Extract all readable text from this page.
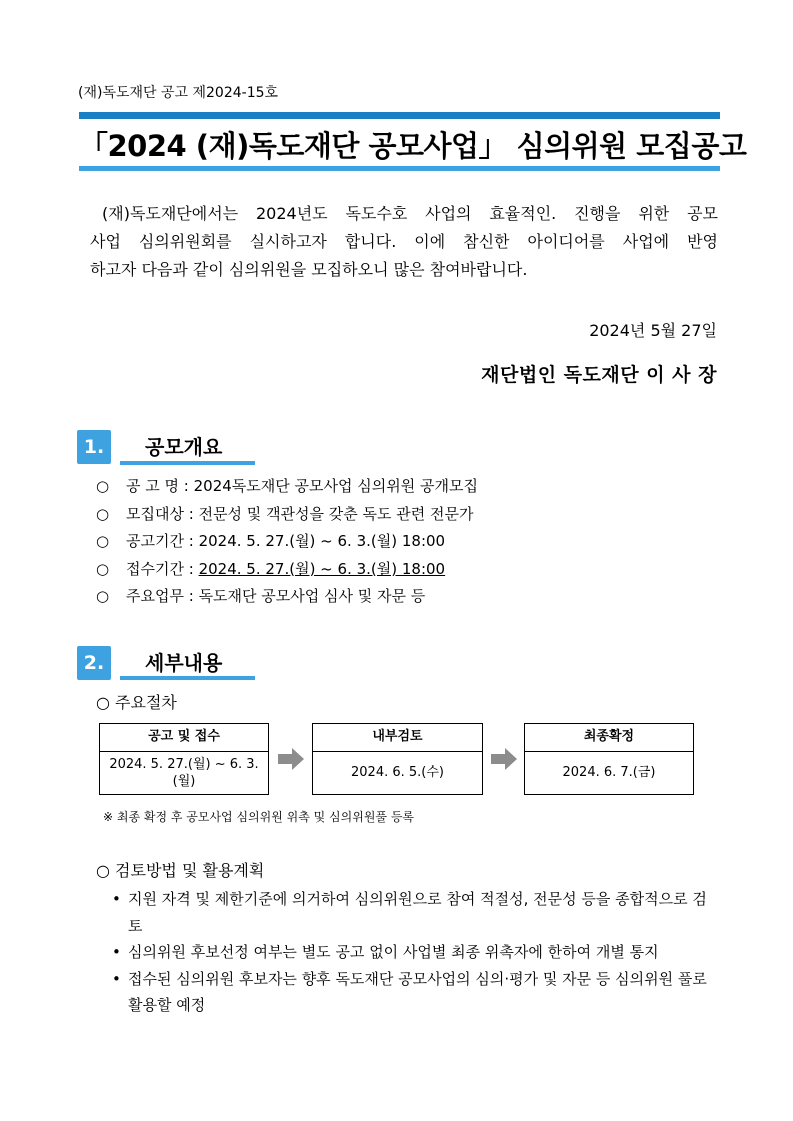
(재)독도재단 공고 제2024-15호
「2024 (재)독도재단 공모사업」 심의위원 모집공고
(재)독도재단에서는 2024년도 독도수호 사업의 효율적인. 진행을 위한 공모
사업 심의위원회를 실시하고자 합니다. 이에 참신한 아이디어를 사업에 반영
하고자 다음과 같이 심의위원을 모집하오니 많은 참여바랍니다.
2024년 5월 27일
재단법인 독도재단 이 사 장
1.	공모개요
○ 공 고 명 : 2024독도재단 공모사업 심의위원 공개모집
○ 모집대상 : 전문성 및 객관성을 갖춘 독도 관련 전문가
○ 공고기간 : 2024. 5. 27.(월) ~ 6. 3.(월) 18:00
○ 접수기간 : 2024. 5. 27.(월) ~ 6. 3.(월) 18:00
○ 주요업무 : 독도재단 공모사업 심사 및 자문 등
2.	세부내용
○ 주요절차
공고 및 접수
2024. 5. 27.(월) ~ 6. 3.(월)
내부검토
2024. 6. 5.(수)
최종확정
2024. 6. 7.(금)
※ 최종 확정 후 공모사업 심의위원 위촉 및 심의위원풀 등록
○ 검토방법 및 활용계획
• 지원 자격 및 제한기준에 의거하여 심의위원으로 참여 적절성, 전문성 등을 종합적으로 검토
• 심의위원 후보선정 여부는 별도 공고 없이 사업별 최종 위촉자에 한하여 개별 통지
• 접수된 심의위원 후보자는 향후 독도재단 공모사업의 심의·평가 및 자문 등 심의위원 풀로 활용할 예정
